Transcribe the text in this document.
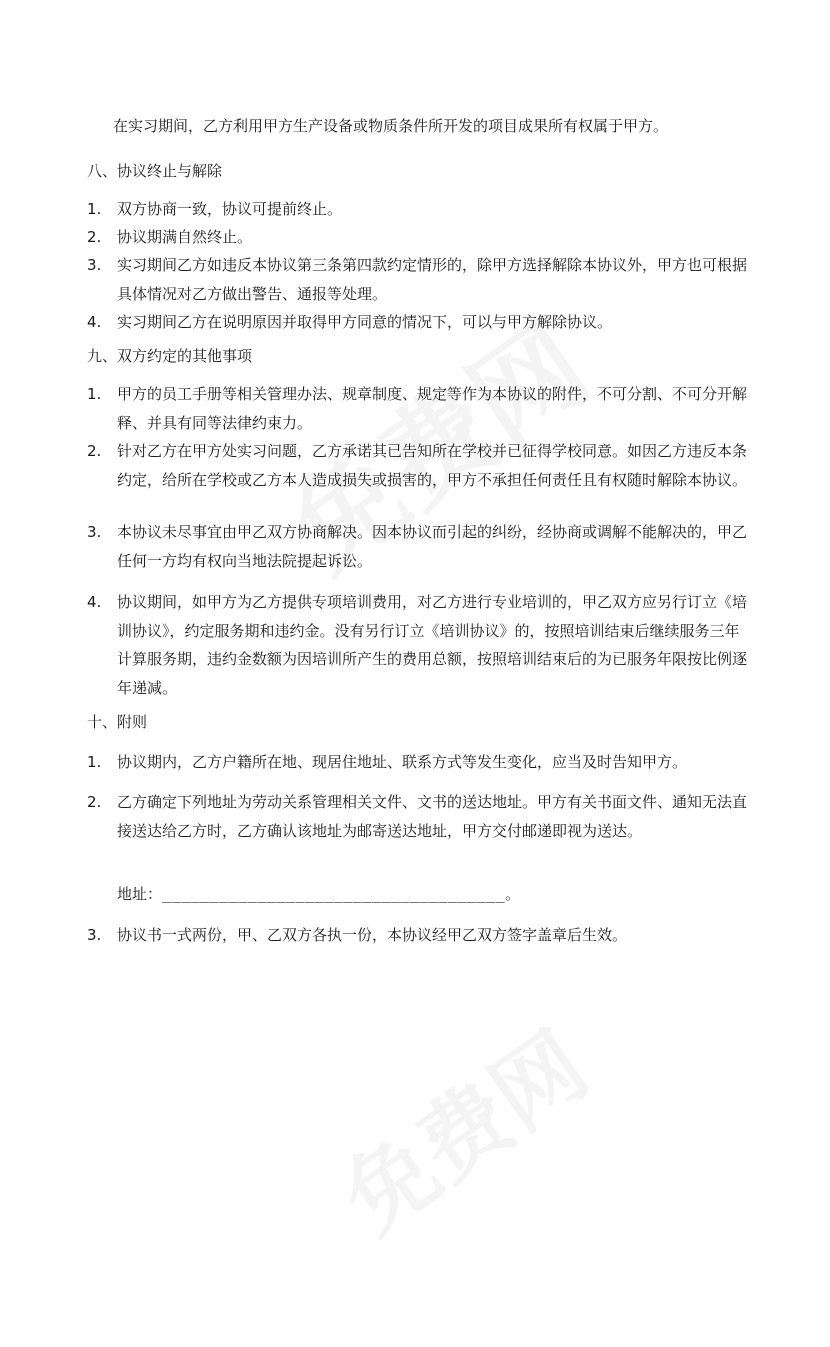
在实习期间，乙方利用甲方生产设备或物质条件所开发的项目成果所有权属于甲方。
八、协议终止与解除
1.	双方协商一致，协议可提前终止。
2.	协议期满自然终止。
3.	实习期间乙方如违反本协议第三条第四款约定情形的，除甲方选择解除本协议外，甲方也可根据具体情况对乙方做出警告、通报等处理。
4.	实习期间乙方在说明原因并取得甲方同意的情况下，可以与甲方解除协议。
九、双方约定的其他事项
1.	甲方的员工手册等相关管理办法、规章制度、规定等作为本协议的附件，不可分割、不可分开解释、并具有同等法律约束力。
2.	针对乙方在甲方处实习问题，乙方承诺其已告知所在学校并已征得学校同意。如因乙方违反本条约定，给所在学校或乙方本人造成损失或损害的，甲方不承担任何责任且有权随时解除本协议。
3.	本协议未尽事宜由甲乙双方协商解决。因本协议而引起的纠纷，经协商或调解不能解决的，甲乙任何一方均有权向当地法院提起诉讼。
4.	协议期间，如甲方为乙方提供专项培训费用，对乙方进行专业培训的，甲乙双方应另行订立《培训协议》，约定服务期和违约金。没有另行订立《培训协议》的，按照培训结束后继续服务三年计算服务期，违约金数额为因培训所产生的费用总额，按照培训结束后的为已服务年限按比例逐年递减。
十、附则
1.	协议期内，乙方户籍所在地、现居住地址、联系方式等发生变化，应当及时告知甲方。
2.	乙方确定下列地址为劳动关系管理相关文件、文书的送达地址。甲方有关书面文件、通知无法直接送达给乙方时，乙方确认该地址为邮寄送达地址，甲方交付邮递即视为送达。
地址：____________________________________。
3.	协议书一式两份，甲、乙双方各执一份，本协议经甲乙双方签字盖章后生效。
